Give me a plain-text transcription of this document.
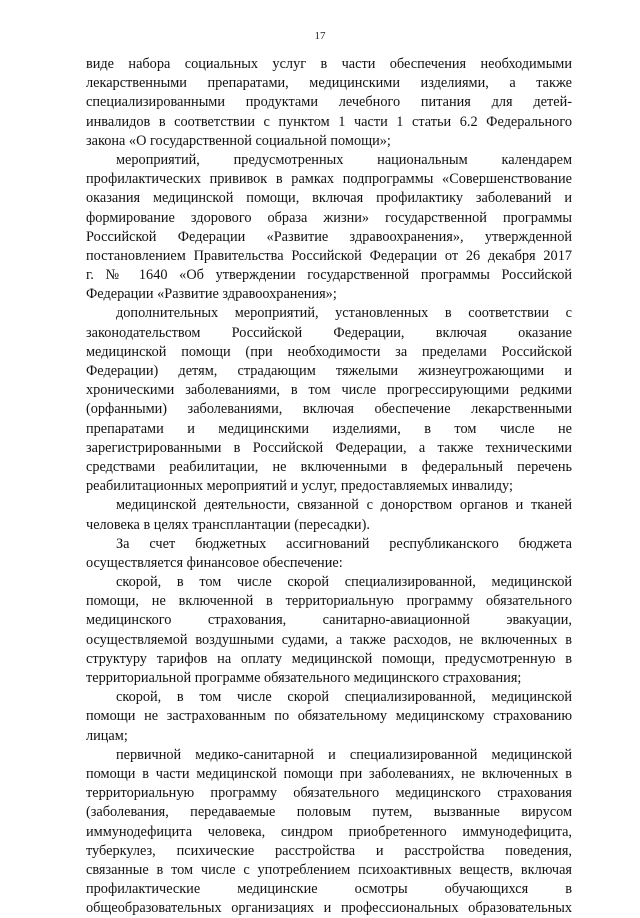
17
виде набора социальных услуг в части обеспечения необходимыми
лекарственными препаратами, медицинскими изделиями, а также
специализированными продуктами лечебного питания для детей-
инвалидов в соответствии с пунктом 1 части 1 статьи 6.2 Федерального
закона «О государственной социальной помощи»;
мероприятий, предусмотренных национальным календарем
профилактических прививок в рамках подпрограммы «Совершенствование
оказания медицинской помощи, включая профилактику заболеваний и
формирование здорового образа жизни» государственной программы
Российской Федерации «Развитие здравоохранения», утвержденной
постановлением Правительства Российской Федерации от 26 декабря 2017
г. № 1640 «Об утверждении государственной программы Российской
Федерации «Развитие здравоохранения»;
дополнительных мероприятий, установленных в соответствии с
законодательством Российской Федерации, включая оказание
медицинской помощи (при необходимости за пределами Российской
Федерации) детям, страдающим тяжелыми жизнеугрожающими и
хроническими заболеваниями, в том числе прогрессирующими редкими
(орфанными) заболеваниями, включая обеспечение лекарственными
препаратами и медицинскими изделиями, в том числе не
зарегистрированными в Российской Федерации, а также техническими
средствами реабилитации, не включенными в федеральный перечень
реабилитационных мероприятий и услуг, предоставляемых инвалиду;
медицинской деятельности, связанной с донорством органов и тканей
человека в целях трансплантации (пересадки).
За счет бюджетных ассигнований республиканского бюджета
осуществляется финансовое обеспечение:
скорой, в том числе скорой специализированной, медицинской
помощи, не включенной в территориальную программу обязательного
медицинского страхования, санитарно-авиационной эвакуации,
осуществляемой воздушными судами, а также расходов, не включенных в
структуру тарифов на оплату медицинской помощи, предусмотренную в
территориальной программе обязательного медицинского страхования;
скорой, в том числе скорой специализированной, медицинской
помощи не застрахованным по обязательному медицинскому страхованию
лицам;
первичной медико-санитарной и специализированной медицинской
помощи в части медицинской помощи при заболеваниях, не включенных в
территориальную программу обязательного медицинского страхования
(заболевания, передаваемые половым путем, вызванные вирусом
иммунодефицита человека, синдром приобретенного иммунодефицита,
туберкулез, психические расстройства и расстройства поведения,
связанные в том числе с употреблением психоактивных веществ, включая
профилактические медицинские осмотры обучающихся в
общеобразовательных организациях и профессиональных образовательных
